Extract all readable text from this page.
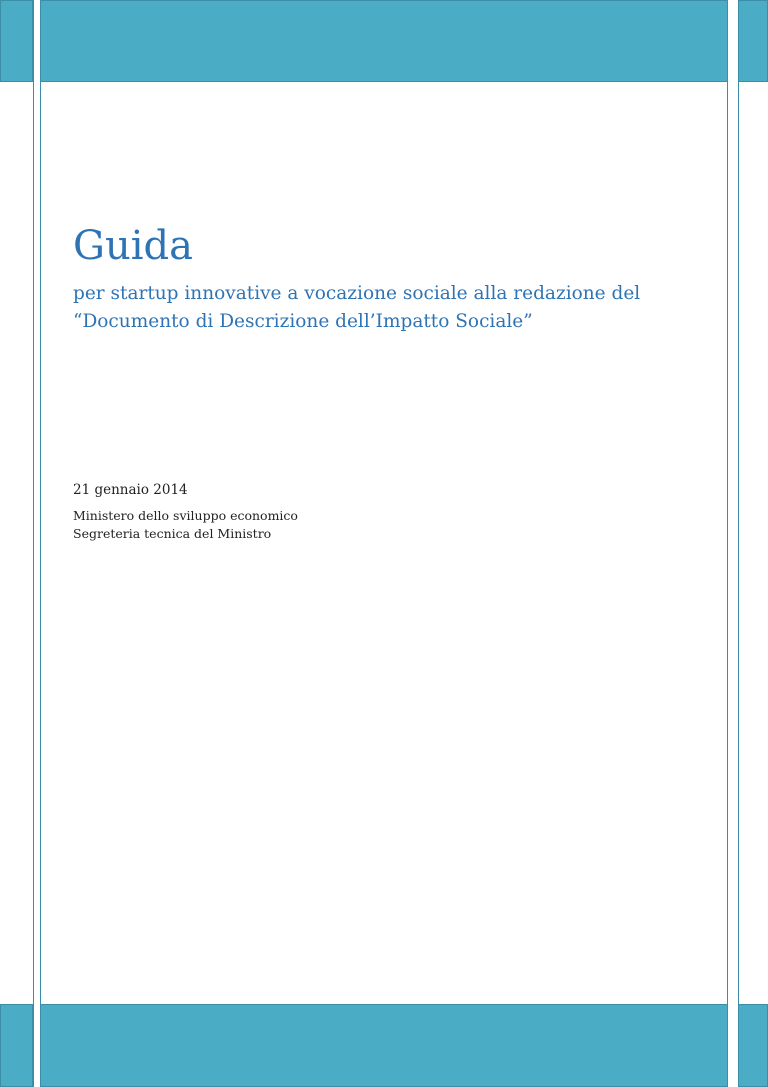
Guida
per startup innovative a vocazione sociale alla redazione del
“Documento di Descrizione dell’Impatto Sociale”
21 gennaio 2014
Ministero dello sviluppo economico
Segreteria tecnica del Ministro
